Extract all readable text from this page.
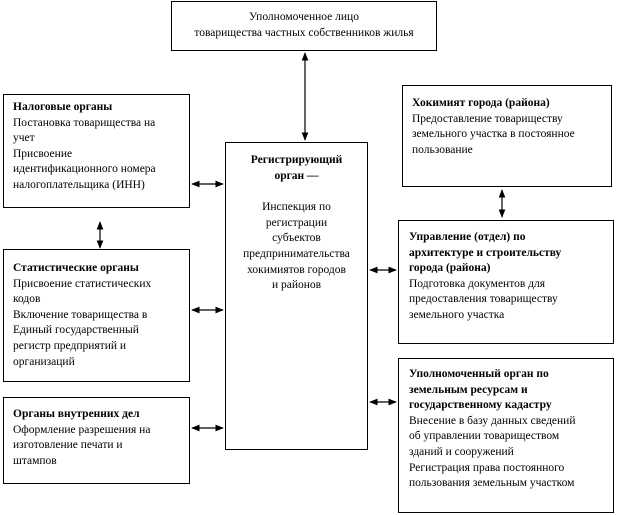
Уполномоченное лицо
товарищества частных собственников жилья
Налоговые органы
Постановка товарищества на
учет
Присвоение
идентификационного номера
налогоплательщика (ИНН)
Статистические органы
Присвоение статистических
кодов
Включение товарищества в
Единый государственный
регистр предприятий и
организаций
Органы внутренних дел
Оформление разрешения на
изготовление печати и
штампов
Регистрирующий
орган —
Инспекция по
регистрации
субъектов
предпринимательства
хокимиятов городов
и районов
Хокимият города (района)
Предоставление товариществу
земельного участка в постоянное
пользование
Управление (отдел) по
архитектуре и строительству
города (района)
Подготовка документов для
предоставления товариществу
земельного участка
Уполномоченный орган по
земельным ресурсам и
государственному кадастру
Внесение в базу данных сведений
об управлении товариществом
зданий и сооружений
Регистрация права постоянного
пользования земельным участком
